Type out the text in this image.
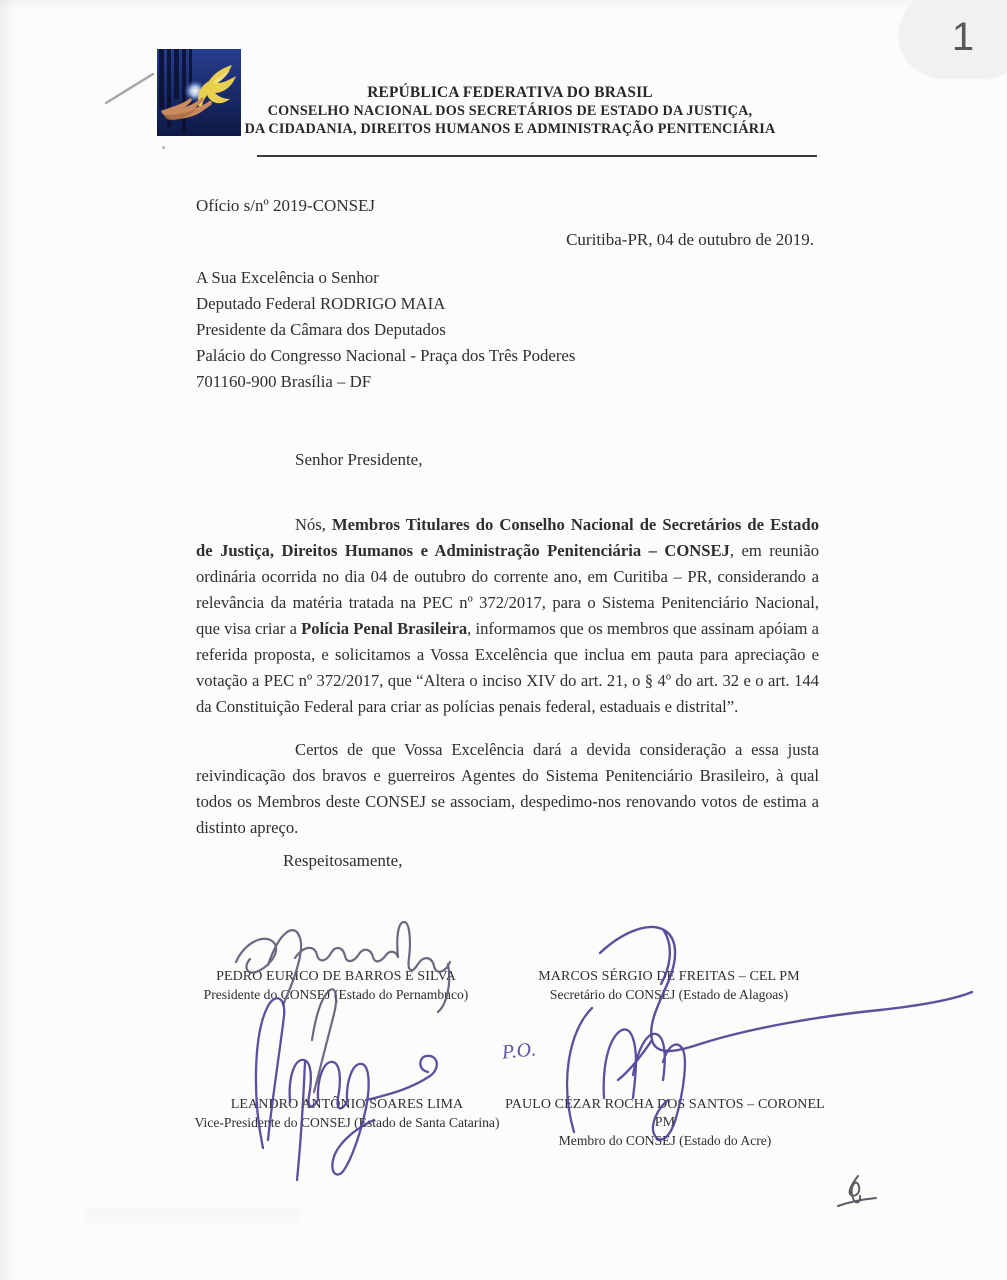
REPÚBLICA FEDERATIVA DO BRASIL
CONSELHO NACIONAL DOS SECRETÁRIOS DE ESTADO DA JUSTIÇA,
DA CIDADANIA, DIREITOS HUMANOS E ADMINISTRAÇÃO PENITENCIÁRIA
Ofício s/nº 2019-CONSEJ
Curitiba-PR, 04 de outubro de 2019.
A Sua Excelência o Senhor
Deputado Federal RODRIGO MAIA
Presidente da Câmara dos Deputados
Palácio do Congresso Nacional - Praça dos Três Poderes
701160-900 Brasília – DF
Senhor Presidente,
Nós, Membros Titulares do Conselho Nacional de Secretários de Estado de Justiça, Direitos Humanos e Administração Penitenciária – CONSEJ, em reunião ordinária ocorrida no dia 04 de outubro do corrente ano, em Curitiba – PR, considerando a relevância da matéria tratada na PEC nº 372/2017, para o Sistema Penitenciário Nacional, que visa criar a Polícia Penal Brasileira, informamos que os membros que assinam apóiam a referida proposta, e solicitamos a Vossa Excelência que inclua em pauta para apreciação e votação a PEC nº 372/2017, que “Altera o inciso XIV do art. 21, o § 4º do art. 32 e o art. 144 da Constituição Federal para criar as polícias penais federal, estaduais e distrital”.
Certos de que Vossa Excelência dará a devida consideração a essa justa reivindicação dos bravos e guerreiros Agentes do Sistema Penitenciário Brasileiro, à qual todos os Membros deste CONSEJ se associam, despedimo-nos renovando votos de estima a distinto apreço.
Respeitosamente,
PEDRO EURICO DE BARROS E SILVA
Presidente do CONSEJ (Estado do Pernambuco)
MARCOS SÉRGIO DE FREITAS – CEL PM
Secretário do CONSEJ (Estado de Alagoas)
LEANDRO ANTÔNIO SOARES LIMA
Vice-Presidente do CONSEJ (Estado de Santa Catarina)
PAULO CÉZAR ROCHA DOS SANTOS – CORONEL PM
Membro do CONSEJ (Estado do Acre)
P.O.
1
